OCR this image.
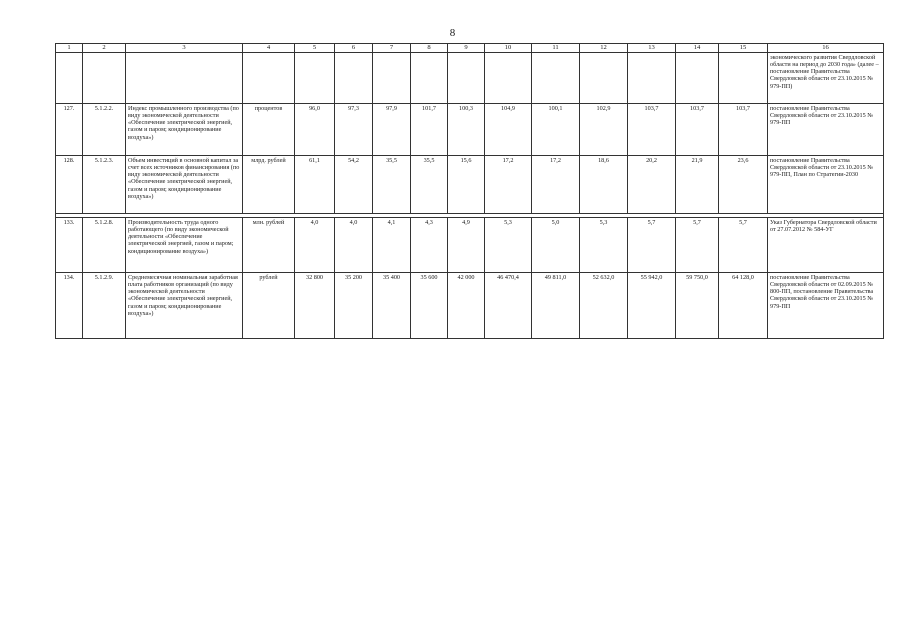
8
1	2	3	4	5	6	7	8	9	10	11	12	13	14	15	16
															экономического развития Свердловской области на период до 2030 года» (далее – постановление Правительства Свердловской области от 23.10.2015 № 979-ПП)
127.	5.1.2.2.	Индекс промышленного производства (по виду экономической деятельности «Обеспечение электрической энергией, газом и паром; кондиционирование воздуха»)	процентов	96,0	97,3	97,9	101,7	100,3	104,9	100,1	102,9	103,7	103,7	103,7	постановление Правительства Свердловской области от 23.10.2015 № 979-ПП
128.	5.1.2.3.	Объем инвестиций в основной капитал за счет всех источников финансирования (по виду экономической деятельности «Обеспечение электрической энергией, газом и паром; кондиционирование воздуха»)	млрд. рублей	61,1	54,2	35,5	35,5	15,6	17,2	17,2	18,6	20,2	21,9	23,6	постановление Правительства Свердловской области от 23.10.2015 № 979-ПП, План по Стратегии-2030

133.	5.1.2.8.	Производительность труда одного работающего (по виду экономической деятельности «Обеспечение электрической энергией, газом и паром; кондиционирование воздуха»)	млн. рублей	4,0	4,0	4,1	4,3	4,9	5,3	5,0	5,3	5,7	5,7	5,7	Указ Губернатора Свердловской области от 27.07.2012 № 584-УГ
134.	5.1.2.9.	Среднемесячная номинальная заработная плата работников организаций (по виду экономической деятельности «Обеспечение электрической энергией, газом и паром; кондиционирование воздуха»)	рублей	32 800	35 200	35 400	35 600	42 000	46 470,4	49 811,0	52 632,0	55 942,0	59 750,0	64 128,0	постановление Правительства Свердловской области от 02.09.2015 № 800-ПП, постановление Правительства Свердловской области от 23.10.2015 № 979-ПП
